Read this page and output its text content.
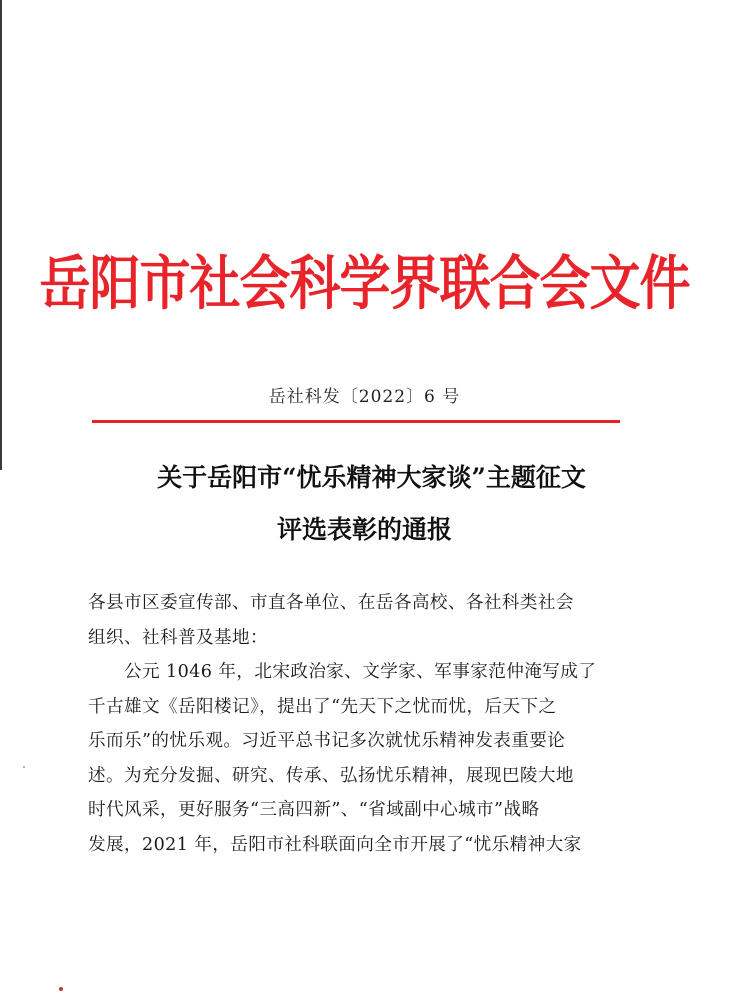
岳阳市社会科学界联合会文件
岳社科发〔2022〕6 号
关于岳阳市“忧乐精神大家谈”主题征文
评选表彰的通报
各县市区委宣传部、市直各单位、在岳各高校、各社科类社会
组织、社科普及基地：
公元 1046 年，北宋政治家、文学家、军事家范仲淹写成了
千古雄文《岳阳楼记》，提出了“先天下之忧而忧，后天下之
乐而乐”的忧乐观。习近平总书记多次就忧乐精神发表重要论
述。为充分发掘、研究、传承、弘扬忧乐精神，展现巴陵大地
时代风采，更好服务“三高四新”、“省域副中心城市”战略
发展，2021 年，岳阳市社科联面向全市开展了“忧乐精神大家
